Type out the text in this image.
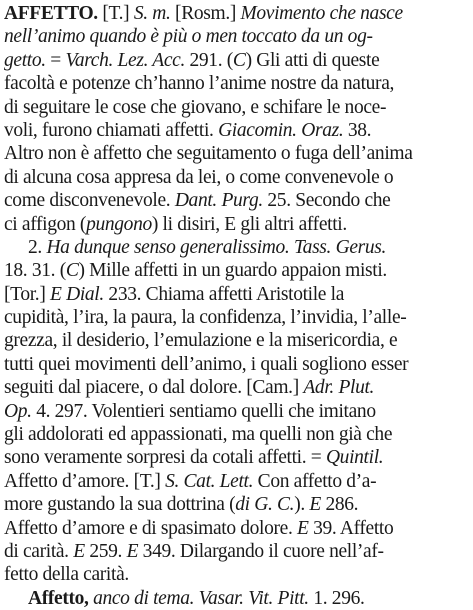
AFFETTO. [T.] S. m. [Rosm.] Movimento che nasce
nell’animo quando è più o men toccato da un og-
getto. = Varch. Lez. Acc. 291. (C) Gli atti di queste
facoltà e potenze ch’hanno l’anime nostre da natura,
di seguitare le cose che giovano, e schifare le noce-
voli, furono chiamati affetti. Giacomin. Oraz. 38.
Altro non è affetto che seguitamento o fuga dell’anima
di alcuna cosa appresa da lei, o come convenevole o
come disconvenevole. Dant. Purg. 25. Secondo che
ci affigon (pungono) li disiri, E gli altri affetti.
2. Ha dunque senso generalissimo. Tass. Gerus.
18. 31. (C) Mille affetti in un guardo appaion misti.
[Tor.] E Dial. 233. Chiama affetti Aristotile la
cupidità, l’ira, la paura, la confidenza, l’invidia, l’alle-
grezza, il desiderio, l’emulazione e la misericordia, e
tutti quei movimenti dell’animo, i quali sogliono esser
seguiti dal piacere, o dal dolore. [Cam.] Adr. Plut.
Op. 4. 297. Volentieri sentiamo quelli che imitano
gli addolorati ed appassionati, ma quelli non già che
sono veramente sorpresi da cotali affetti. = Quintil.
Affetto d’amore. [T.] S. Cat. Lett. Con affetto d’a-
more gustando la sua dottrina (di G. C.). E 286.
Affetto d’amore e di spasimato dolore. E 39. Affetto
di carità. E 259. E 349. Dilargando il cuore nell’af-
fetto della carità.
Affetto, anco di tema. Vasar. Vit. Pitt. 1. 296.
